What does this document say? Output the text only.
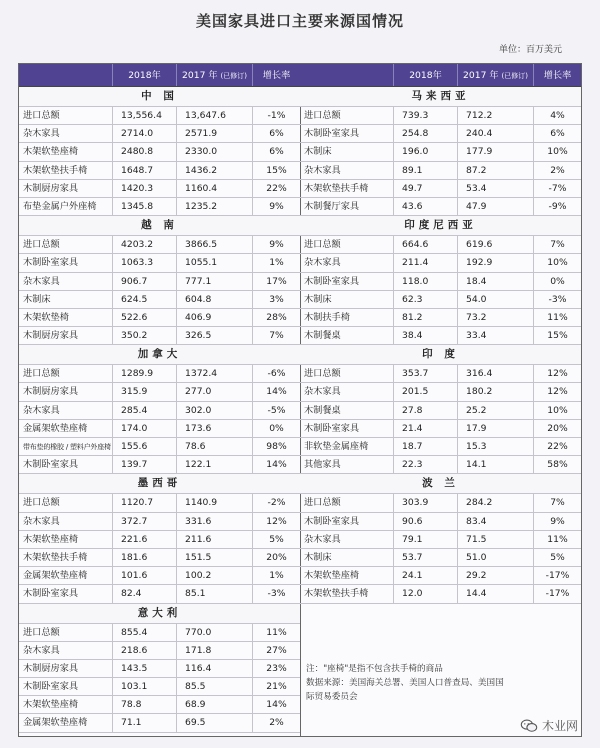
美国家具进口主要来源国情况
单位：百万美元
2018年	2017 年 (已修订)	增长率
中 国
进口总额	13,556.4	13,647.6	-1%
杂木家具	2714.0	2571.9	6%
木架软垫座椅	2480.8	2330.0	6%
木架软垫扶手椅	1648.7	1436.2	15%
木制厨房家具	1420.3	1160.4	22%
布垫金属户外座椅	1345.8	1235.2	9%
越 南
进口总额	4203.2	3866.5	9%
木制卧室家具	1063.3	1055.1	1%
杂木家具	906.7	777.1	17%
木制床	624.5	604.8	3%
木架软垫椅	522.6	406.9	28%
木制厨房家具	350.2	326.5	7%
加拿大
进口总额	1289.9	1372.4	-6%
木制厨房家具	315.9	277.0	14%
杂木家具	285.4	302.0	-5%
金属架软垫座椅	174.0	173.6	0%
带布垫的橡胶 / 塑料户外座椅	155.6	78.6	98%
木制卧室家具	139.7	122.1	14%
墨西哥
进口总额	1120.7	1140.9	-2%
杂木家具	372.7	331.6	12%
木架软垫座椅	221.6	211.6	5%
木架软垫扶手椅	181.6	151.5	20%
金属架软垫座椅	101.6	100.2	1%
木制卧室家具	82.4	85.1	-3%
意大利
进口总额	855.4	770.0	11%
杂木家具	218.6	171.8	27%
木制厨房家具	143.5	116.4	23%
木制卧室家具	103.1	85.5	21%
木架软垫座椅	78.8	68.9	14%
金属架软垫座椅	71.1	69.5	2%
2018年	2017 年 (已修订)	增长率
马来西亚
进口总额	739.3	712.2	4%
木制卧室家具	254.8	240.4	6%
木制床	196.0	177.9	10%
杂木家具	89.1	87.2	2%
木架软垫扶手椅	49.7	53.4	-7%
木制餐厅家具	43.6	47.9	-9%
印度尼西亚
进口总额	664.6	619.6	7%
杂木家具	211.4	192.9	10%
木制卧室家具	118.0	18.4	0%
木制床	62.3	54.0	-3%
木制扶手椅	81.2	73.2	11%
木制餐桌	38.4	33.4	15%
印 度
进口总额	353.7	316.4	12%
杂木家具	201.5	180.2	12%
木制餐桌	27.8	25.2	10%
木制卧室家具	21.4	17.9	20%
非软垫金属座椅	18.7	15.3	22%
其他家具	22.3	14.1	58%
波 兰
进口总额	303.9	284.2	7%
木制卧室家具	90.6	83.4	9%
杂木家具	79.1	71.5	11%
木制床	53.7	51.0	5%
木架软垫座椅	24.1	29.2	-17%
木架软垫扶手椅	12.0	14.4	-17%
注："座椅"是指不包含扶手椅的商品
数据来源：美国海关总署、美国人口普查局、美国国际贸易委员会
木业网
